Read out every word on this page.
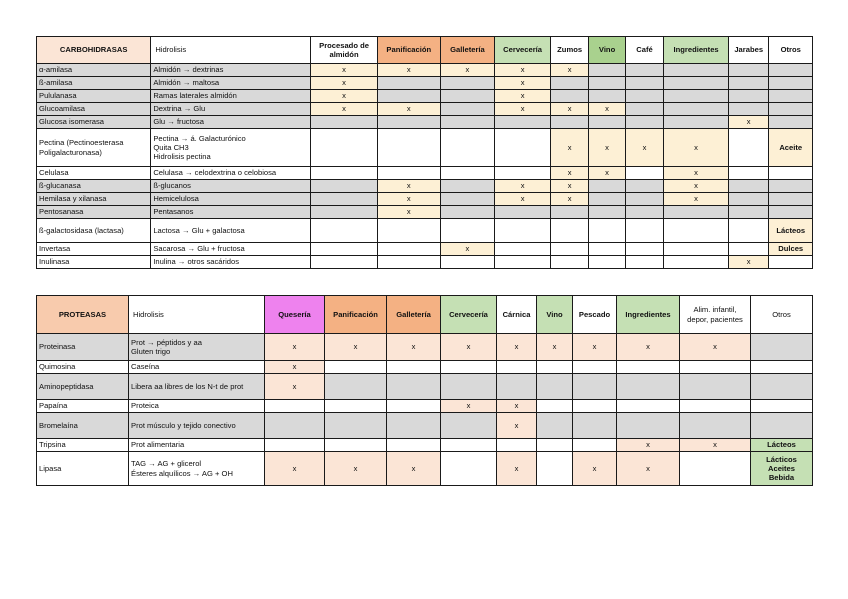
CARBOHIDRASAS	Hidrolisis	Procesado de almidón	Panificación	Galletería	Cervecería	Zumos	Vino	Café	Ingredientes	Jarabes	Otros
α-amilasa	Almidón → dextrinas	x	x	x	x	x					
ß-amilasa	Almidón → maltosa	x			x						
Pululanasa	Ramas laterales almidón	x			x						
Glucoamilasa	Dextrina → Glu	x	x		x	x	x				
Glucosa isomerasa	Glu → fructosa									x	
Pectina (Pectinoesterasa Poligalacturonasa)	Pectina → á. Galacturónico
Quita CH3
Hidrolisis pectina					x	x	x	x		Aceite
Celulasa	Celulasa → celodextrina o celobiosa					x	x		x		
ß-glucanasa	ß-glucanos		x		x	x			x		
Hemilasa y xilanasa	Hemicelulosa		x		x	x			x		
Pentosanasa	Pentasanos		x								
ß-galactosidasa (lactasa)	Lactosa → Glu + galactosa										Lácteos
Invertasa	Sacarosa → Glu + fructosa			x							Dulces
Inulinasa	Inulina → otros sacáridos									x	
PROTEASAS	Hidrolisis	Quesería	Panificación	Galletería	Cervecería	Cárnica	Vino	Pescado	Ingredientes	Alim. infantil, depor, pacientes	Otros
Proteinasa	Prot → péptidos y aa
Gluten trigo	x	x	x	x	x	x	x	x	x	
Quimosina	Caseína	x									
Aminopeptidasa	Libera aa libres de los N-t de prot	x									
Papaína	Proteica				x	x					
Bromelaína	Prot músculo y tejido conectivo					x					
Tripsina	Prot alimentaria								x	x	Lácteos
Lipasa	TAG → AG + glicerol
Ésteres alquílicos → AG + OH	x	x	x		x		x	x		Lácticos
Aceites
Bebida
